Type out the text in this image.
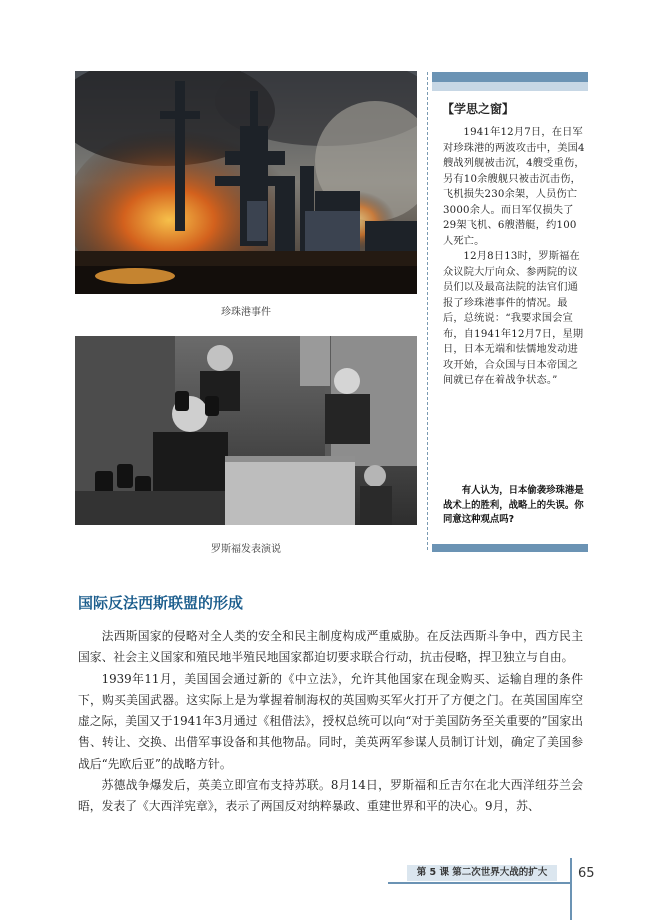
珍珠港事件
罗斯福发表演说
【学思之窗】

1941年12月7日，在日军对珍珠港的两波攻击中，美国4艘战列舰被击沉，4艘受重伤，另有10余艘舰只被击沉击伤，飞机损失230余架，人员伤亡3000余人。而日军仅损失了29架飞机、6艘潜艇，约100人死亡。

12月8日13时，罗斯福在众议院大厅向众、参两院的议员们以及最高法院的法官们通报了珍珠港事件的情况。最后，总统说：“我要求国会宣布，自1941年12月7日，星期日，日本无端和怯懦地发动进攻开始，合众国与日本帝国之间就已存在着战争状态。”

有人认为，日本偷袭珍珠港是战术上的胜利，战略上的失误。你同意这种观点吗?
国际反法西斯联盟的形成

法西斯国家的侵略对全人类的安全和民主制度构成严重威胁。在反法西斯斗争中，西方民主国家、社会主义国家和殖民地半殖民地国家都迫切要求联合行动，抗击侵略，捍卫独立与自由。

1939年11月，美国国会通过新的《中立法》，允许其他国家在现金购买、运输自理的条件下，购买美国武器。这实际上是为掌握着制海权的英国购买军火打开了方便之门。在英国国库空虚之际，美国又于1941年3月通过《租借法》，授权总统可以向“对于美国防务至关重要的”国家出售、转让、交换、出借军事设备和其他物品。同时，美英两军参谋人员制订计划，确定了美国参战后“先欧后亚”的战略方针。

苏德战争爆发后，英美立即宣布支持苏联。8月14日，罗斯福和丘吉尔在北大西洋纽芬兰会晤，发表了《大西洋宪章》，表示了两国反对纳粹暴政、重建世界和平的决心。9月，苏、

第 5 课 第二次世界大战的扩大	65
